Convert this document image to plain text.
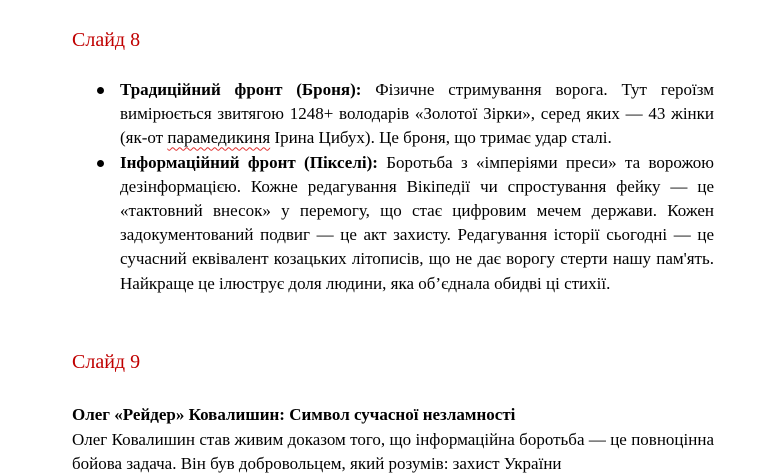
Слайд 8
Традиційний фронт (Броня): Фізичне стримування ворога. Тут героїзм вимірюється звитягою 1248+ володарів «Золотої Зірки», серед яких — 43 жінки (як-от парамедикиня Ірина Цибух). Це броня, що тримає удар сталі.
Інформаційний фронт (Пікселі): Боротьба з «імперіями преси» та ворожою дезінформацією. Кожне редагування Вікіпедії чи спростування фейку — це «тактовний внесок» у перемогу, що стає цифровим мечем держави. Кожен задокументований подвиг — це акт захисту. Редагування історії сьогодні — це сучасний еквівалент козацьких літописів, що не дає ворогу стерти нашу пам'ять. Найкраще це ілюструє доля людини, яка об’єднала обидві ці стихії.
Слайд 9

Олег «Рейдер» Ковалишин: Символ сучасної незламності

Олег Ковалишин став живим доказом того, що інформаційна боротьба — це повноцінна бойова задача. Він був добровольцем, який розумів: захист України
